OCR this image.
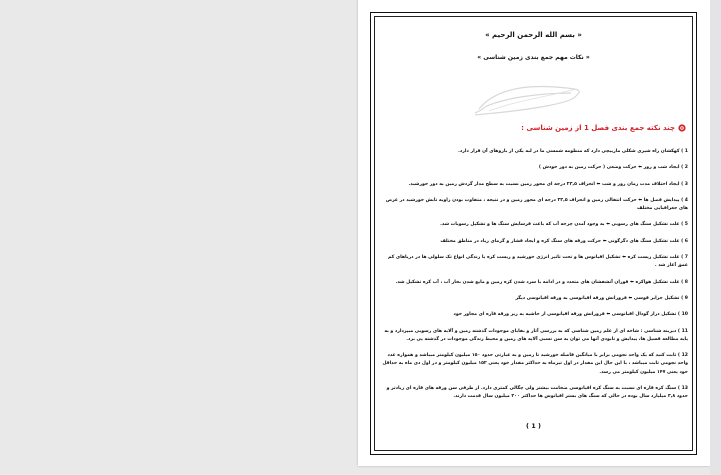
« بسم الله الرحمن الرحيم »
« نکات مهم جمع بندی زمین شناسی »
چند نکته جمع بندی فصل 1 از زمین شناسی :
1 ) کهکشان راه شیری شکلی مارپیچی دارد که منظومه شمسی ما در لبه یکی از بازوهای آن قرار دارد.
2 ) ایجاد شب و روز ⬅ حرکت وضعی ( حرکت زمین به دور خودش )
3 ) ایجاد اختلاف مدت زمان روز و شب ⬅ انحراف ۲۳,۵ درجه ای محور زمین نسبت به سطح مدار گردش زمین به دور خورشید.
4 ) پیدایش فصل ها ⬅ حرکت انتقالی زمین و انحراف ۲۳,۵ درجه ای محور زمین و در نتیجه ، متفاوت بودن زاویه تابش خورشید در عرض های جغرافیایی مختلف
5 ) علت تشکیل سنگ های رسوبی ⬅ به وجود آمدن چرخه آب که باعث فرسایش سنگ ها و تشکیل رسوبات شد.
6 ) علت تشکیل سنگ های دگرگونی ⬅ حرکت ورقه های سنگ کره و ایجاد فشار و گرمای زیاد در مناطق مختلف
7 ) علت تشکیل زیست کره ⬅ تشکیل اقیانوس ها و تحت تاثیر انرژی خورشید و زیست کره با زندگی انواع تک سلولی ها در دریاهای کم عمق آغاز شد .
8 ) علت تشکیل هواکره ⬅ فوران آتشفشان های متعدد و در ادامه با سرد شدن کره زمین و مایع شدن بخار آب ، آب کره تشکیل شد.
9 ) تشکیل جزایر قوسی ⬅ فرورانش ورقه اقیانوسی به ورقه اقیانوسی دیگر
10 ) تشکیل دراز گودال اقیانوسی ⬅ فرورانش ورقه اقیانوسی از حاشیه به زیر ورقه قاره ای مجاور خود
11 ) دیرینه شناسی : شاخه ای از علم زمین شناسی که به بررسی آثار و بقایای موجودات گذشته زمین و آلایه های رسوبی میپردازد و به پایه مطالعه فسیل ها، پیدایش و نابودی آنها می توان به سن نسبی آلایه های زمین و محیط زندگی موجودات در گذشته پی برد.
12 ) ثابت کنید که یک واحد نجومی برابر با میانگین فاصله خورشید تا زمین و به عبارتی حدود ۱۵۰ میلیون کیلومتر میباشد و همواره عدد واحد نجومی ثابت میباشد ، با این حال این مقدار در اول تیرماه به حداکثر مقدار خود یعنی ۱۵۲ میلیون کیلومتر و در اول دی ماه به حداقل خود یعنی ۱۴۷ میلیون کیلومتر می رسد.
13 ) سنگ کره قاره ای نسبت به سنگ کره اقیانوسی ضخامت بیشتر ولی چگالی کمتری دارد. از طرفی سن ورقه های قاره ای زیادتر و حدود ۳,۸ میلیارد سال بوده در حالی که سنگ های بستر اقیانوس ها حداکثر ۲۰۰ میلیون سال قدمت دارند.
( 1 )
